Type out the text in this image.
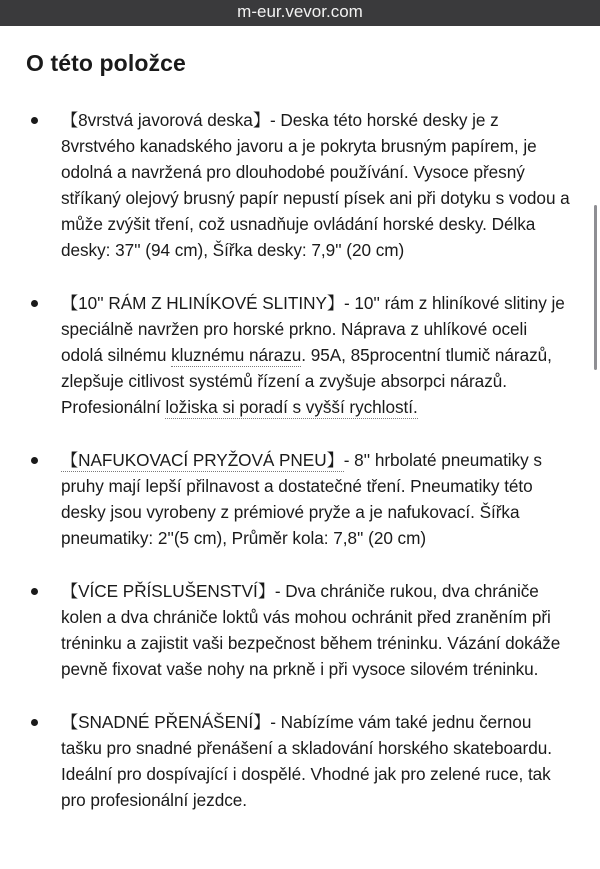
m-eur.vevor.com
O této položce
【8vrstvá javorová deska】- Deska této horské desky je z 8vrstvého kanadského javoru a je pokryta brusným papírem, je odolná a navržená pro dlouhodobé používání. Vysoce přesný stříkaný olejový brusný papír nepustí písek ani při dotyku s vodou a může zvýšit tření, což usnadňuje ovládání horské desky. Délka desky: 37'' (94 cm), Šířka desky: 7,9'' (20 cm)
【10'' RÁM Z HLINÍKOVÉ SLITINY】- 10'' rám z hliníkové slitiny je speciálně navržen pro horské prkno. Náprava z uhlíkové oceli odolá silnému kluznému nárazu. 95A, 85procentní tlumič nárazů, zlepšuje citlivost systémů řízení a zvyšuje absorpci nárazů. Profesionální ložiska si poradí s vyšší rychlostí.
【NAFUKOVACÍ PRYŽOVÁ PNEU】- 8'' hrbolaté pneumatiky s pruhy mají lepší přilnavost a dostatečné tření. Pneumatiky této desky jsou vyrobeny z prémiové pryže a je nafukovací. Šířka pneumatiky: 2''(5 cm), Průměr kola: 7,8'' (20 cm)
【VÍCE PŘÍSLUŠENSTVÍ】- Dva chrániče rukou, dva chrániče kolen a dva chrániče loktů vás mohou ochránit před zraněním při tréninku a zajistit vaši bezpečnost během tréninku. Vázání dokáže pevně fixovat vaše nohy na prkně i při vysoce silovém tréninku.
【SNADNÉ PŘENÁŠENÍ】- Nabízíme vám také jednu černou tašku pro snadné přenášení a skladování horského skateboardu. Ideální pro dospívající i dospělé. Vhodné jak pro zelené ruce, tak pro profesionální jezdce.
